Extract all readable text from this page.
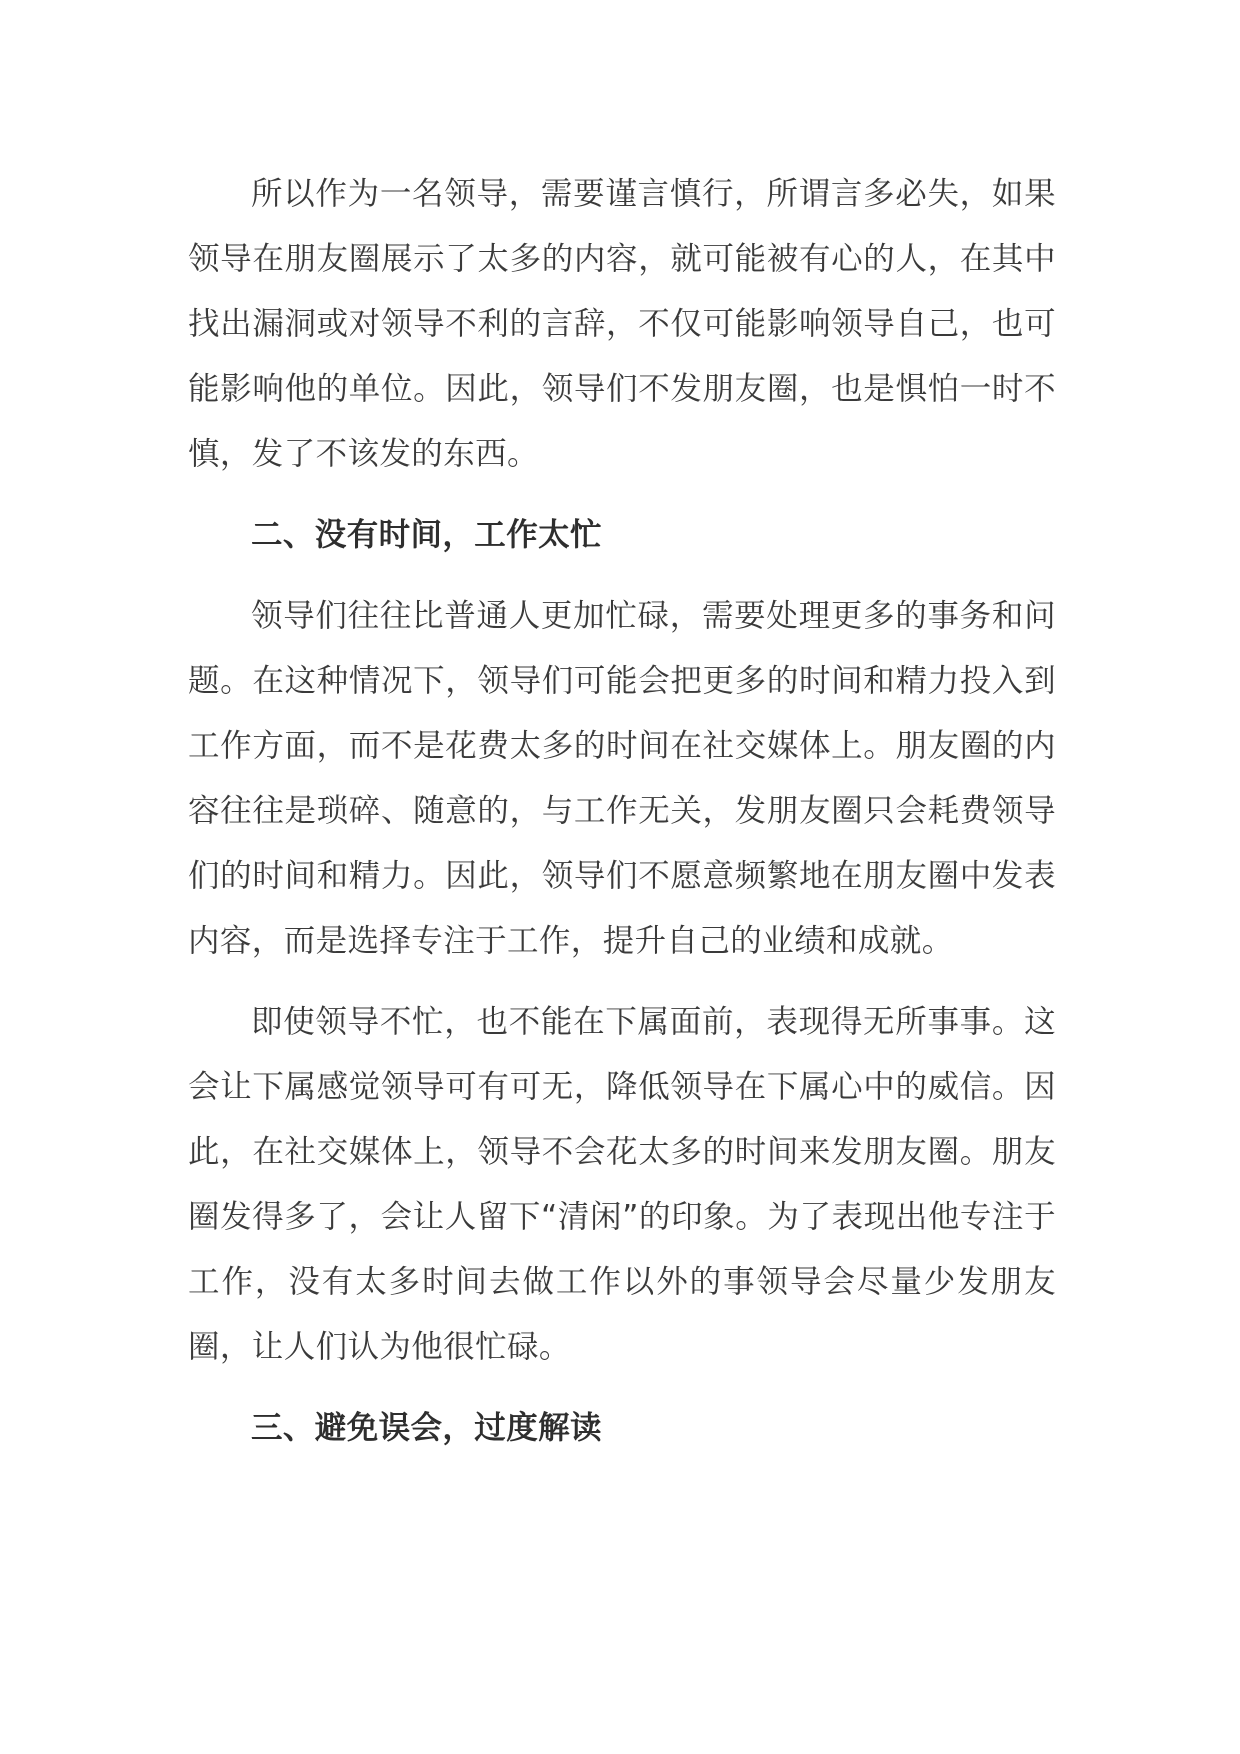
所以作为一名领导，需要谨言慎行，所谓言多必失，如果领导在朋友圈展示了太多的内容，就可能被有心的人，在其中找出漏洞或对领导不利的言辞，不仅可能影响领导自己，也可能影响他的单位。因此，领导们不发朋友圈，也是惧怕一时不慎，发了不该发的东西。

二、没有时间，工作太忙

领导们往往比普通人更加忙碌，需要处理更多的事务和问题。在这种情况下，领导们可能会把更多的时间和精力投入到工作方面，而不是花费太多的时间在社交媒体上。朋友圈的内容往往是琐碎、随意的，与工作无关，发朋友圈只会耗费领导们的时间和精力。因此，领导们不愿意频繁地在朋友圈中发表内容，而是选择专注于工作，提升自己的业绩和成就。

即使领导不忙，也不能在下属面前，表现得无所事事。这会让下属感觉领导可有可无，降低领导在下属心中的威信。因此，在社交媒体上，领导不会花太多的时间来发朋友圈。朋友圈发得多了，会让人留下“清闲”的印象。为了表现出他专注于工作，没有太多时间去做工作以外的事领导会尽量少发朋友圈，让人们认为他很忙碌。

三、避免误会，过度解读
